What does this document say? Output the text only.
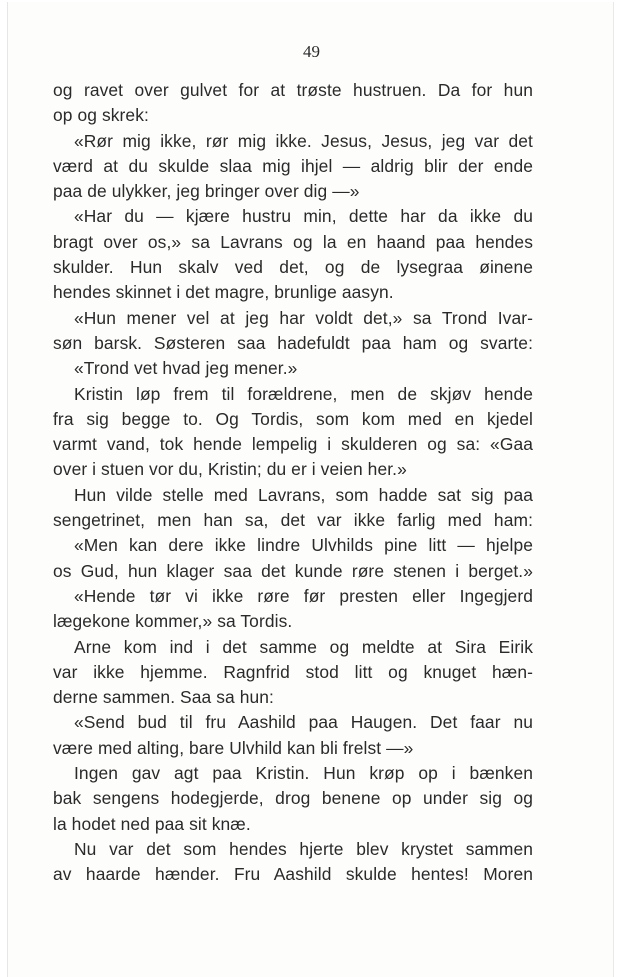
49
og ravet over gulvet for at trøste hustruen. Da for hun
op og skrek:
«Rør mig ikke, rør mig ikke. Jesus, Jesus, jeg var det
værd at du skulde slaa mig ihjel — aldrig blir der ende
paa de ulykker, jeg bringer over dig —»
«Har du — kjære hustru min, dette har da ikke du
bragt over os,» sa Lavrans og la en haand paa hendes
skulder. Hun skalv ved det, og de lysegraa øinene
hendes skinnet i det magre, brunlige aasyn.
«Hun mener vel at jeg har voldt det,» sa Trond Ivar-
søn barsk. Søsteren saa hadefuldt paa ham og svarte:
«Trond vet hvad jeg mener.»
Kristin løp frem til forældrene, men de skjøv hende
fra sig begge to. Og Tordis, som kom med en kjedel
varmt vand, tok hende lempelig i skulderen og sa: «Gaa
over i stuen vor du, Kristin; du er i veien her.»
Hun vilde stelle med Lavrans, som hadde sat sig paa
sengetrinet, men han sa, det var ikke farlig med ham:
«Men kan dere ikke lindre Ulvhilds pine litt — hjelpe
os Gud, hun klager saa det kunde røre stenen i berget.»
«Hende tør vi ikke røre før presten eller Ingegjerd
lægekone kommer,» sa Tordis.
Arne kom ind i det samme og meldte at Sira Eirik
var ikke hjemme. Ragnfrid stod litt og knuget hæn-
derne sammen. Saa sa hun:
«Send bud til fru Aashild paa Haugen. Det faar nu
være med alting, bare Ulvhild kan bli frelst —»
Ingen gav agt paa Kristin. Hun krøp op i bænken
bak sengens hodegjerde, drog benene op under sig og
la hodet ned paa sit knæ.
Nu var det som hendes hjerte blev krystet sammen
av haarde hænder. Fru Aashild skulde hentes! Moren
